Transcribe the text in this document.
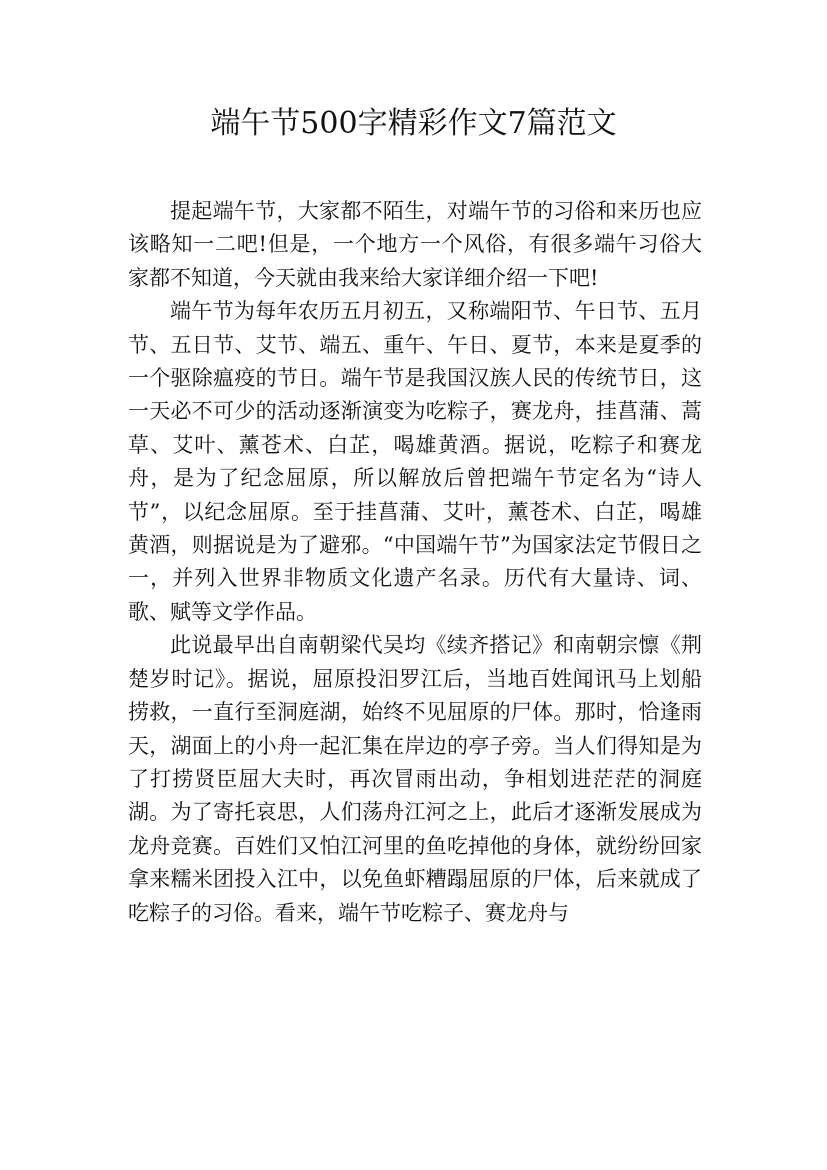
端午节500字精彩作文7篇范文

提起端午节，大家都不陌生，对端午节的习俗和来历也应该略知一二吧!但是，一个地方一个风俗，有很多端午习俗大家都不知道，今天就由我来给大家详细介绍一下吧!

端午节为每年农历五月初五，又称端阳节、午日节、五月节、五日节、艾节、端五、重午、午日、夏节，本来是夏季的一个驱除瘟疫的节日。端午节是我国汉族人民的传统节日，这一天必不可少的活动逐渐演变为吃粽子，赛龙舟，挂菖蒲、蒿草、艾叶、薰苍术、白芷，喝雄黄酒。据说，吃粽子和赛龙舟，是为了纪念屈原，所以解放后曾把端午节定名为“诗人节”，以纪念屈原。至于挂菖蒲、艾叶，薰苍术、白芷，喝雄黄酒，则据说是为了避邪。“中国端午节”为国家法定节假日之一，并列入世界非物质文化遗产名录。历代有大量诗、词、歌、赋等文学作品。

此说最早出自南朝梁代吴均《续齐搭记》和南朝宗懔《荆楚岁时记》。据说，屈原投汨罗江后，当地百姓闻讯马上划船捞救，一直行至洞庭湖，始终不见屈原的尸体。那时，恰逢雨天，湖面上的小舟一起汇集在岸边的亭子旁。当人们得知是为了打捞贤臣屈大夫时，再次冒雨出动，争相划进茫茫的洞庭湖。为了寄托哀思，人们荡舟江河之上，此后才逐渐发展成为龙舟竞赛。百姓们又怕江河里的鱼吃掉他的身体，就纷纷回家拿来糯米团投入江中，以免鱼虾糟蹋屈原的尸体，后来就成了吃粽子的习俗。看来，端午节吃粽子、赛龙舟与
